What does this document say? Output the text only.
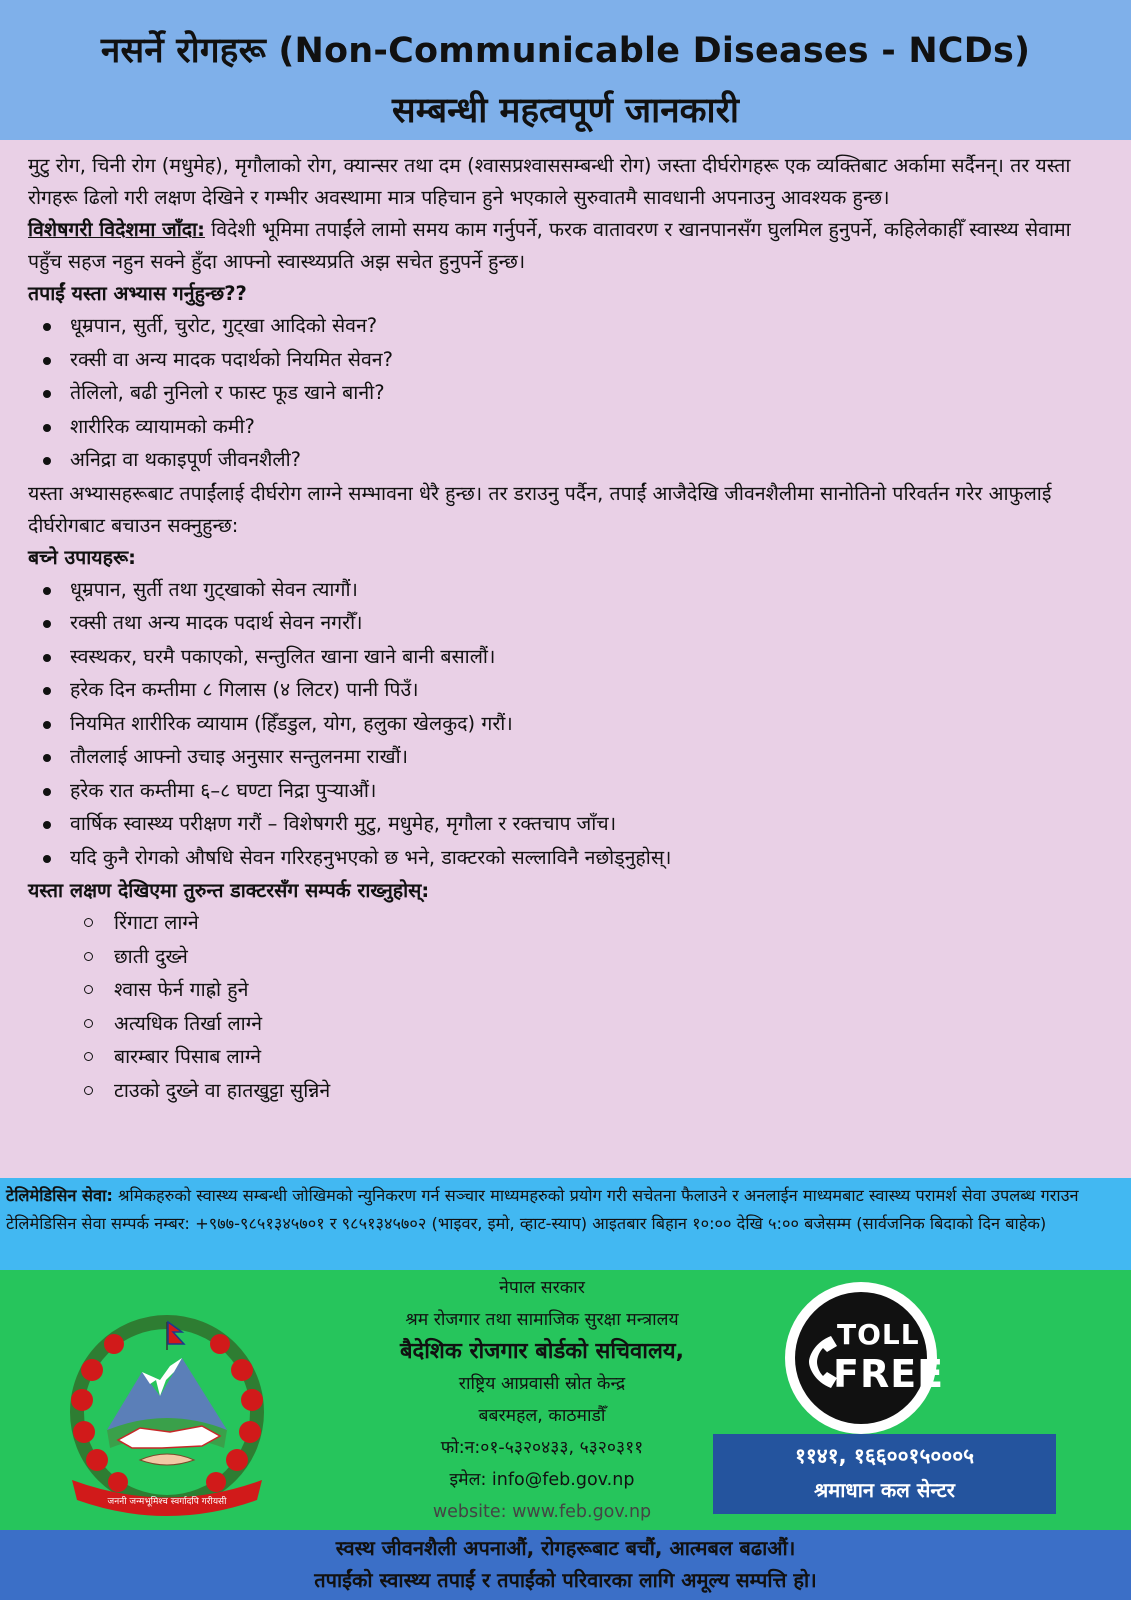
नसर्ने रोगहरू (Non-Communicable Diseases - NCDs)
सम्बन्धी महत्वपूर्ण जानकारी

मुटु रोग, चिनी रोग (मधुमेह), मृगौलाको रोग, क्यान्सर तथा दम (श्वासप्रश्वाससम्बन्धी रोग) जस्ता दीर्घरोगहरू एक व्यक्तिबाट अर्कामा सर्दैनन्। तर यस्ता रोगहरू ढिलो गरी लक्षण देखिने र गम्भीर अवस्थामा मात्र पहिचान हुने भएकाले सुरुवातमै सावधानी अपनाउनु आवश्यक हुन्छ।

विशेषगरी विदेशमा जाँदा: विदेशी भूमिमा तपाईंले लामो समय काम गर्नुपर्ने, फरक वातावरण र खानपानसँग घुलमिल हुनुपर्ने, कहिलेकाहीँ स्वास्थ्य सेवामा पहुँच सहज नहुन सक्ने हुँदा आफ्नो स्वास्थ्यप्रति अझ सचेत हुनुपर्ने हुन्छ।

तपाईं यस्ता अभ्यास गर्नुहुन्छ??

धूम्रपान, सुर्ती, चुरोट, गुट्खा आदिको सेवन?
रक्सी वा अन्य मादक पदार्थको नियमित सेवन?
तेलिलो, बढी नुनिलो र फास्ट फूड खाने बानी?
शारीरिक व्यायामको कमी?
अनिद्रा वा थकाइपूर्ण जीवनशैली?

यस्ता अभ्यासहरूबाट तपाईंलाई दीर्घरोग लाग्ने सम्भावना धेरै हुन्छ। तर डराउनु पर्दैन, तपाईं आजैदेखि जीवनशैलीमा सानोतिनो परिवर्तन गरेर आफुलाई दीर्घरोगबाट बचाउन सक्नुहुन्छ:

बच्ने उपायहरू:

धूम्रपान, सुर्ती तथा गुट्खाको सेवन त्यागौं।
रक्सी तथा अन्य मादक पदार्थ सेवन नगरौँ।
स्वस्थकर, घरमै पकाएको, सन्तुलित खाना खाने बानी बसालौं।
हरेक दिन कम्तीमा ८ गिलास (४ लिटर) पानी पिउँ।
नियमित शारीरिक व्यायाम (हिँडडुल, योग, हलुका खेलकुद) गरौं।
तौललाई आफ्नो उचाइ अनुसार सन्तुलनमा राखौं।
हरेक रात कम्तीमा ६–८ घण्टा निद्रा पुर्‍याऔं।
वार्षिक स्वास्थ्य परीक्षण गरौं – विशेषगरी मुटु, मधुमेह, मृगौला र रक्तचाप जाँच।
यदि कुनै रोगको औषधि सेवन गरिरहनुभएको छ भने, डाक्टरको सल्लाविनै नछोड्नुहोस्।

यस्ता लक्षण देखिएमा तुरुन्त डाक्टरसँग सम्पर्क राख्नुहोस्:

रिंगाटा लाग्ने
छाती दुख्ने
श्वास फेर्न गाह्रो हुने
अत्यधिक तिर्खा लाग्ने
बारम्बार पिसाब लाग्ने
टाउको दुख्ने वा हातखुट्टा सुन्निने
टेलिमेडिसिन सेवा: श्रमिकहरुको स्वास्थ्य सम्बन्धी जोखिमको न्युनिकरण गर्न सञ्चार माध्यमहरुको प्रयोग गरी सचेतना फैलाउने र अनलाईन माध्यमबाट स्वास्थ्य परामर्श सेवा उपलब्ध गराउन टेलिमेडिसिन सेवा सम्पर्क नम्बर: +९७७-९८५१३४५७०१ र ९८५१३४५७०२ (भाइवर, इमो, व्हाट-स्याप) आइतबार बिहान १०:०० देखि ५:०० बजेसम्म (सार्वजनिक बिदाको दिन बाहेक)
जननी जन्मभूमिश्च स्वर्गादपि गरीयसी
नेपाल सरकार
श्रम रोजगार तथा सामाजिक सुरक्षा मन्त्रालय
बैदेशिक रोजगार बोर्डको सचिवालय,
राष्ट्रिय आप्रवासी स्रोत केन्द्र
बबरमहल, काठमाडौँ
फो:न:०१-५३२०४३३, ५३२०३११
इमेल: info@feb.gov.np
website: www.feb.gov.np
TOLL
FREE
११४१, १६६००१५०००५
श्रमाधान कल सेन्टर
स्वस्थ जीवनशैली अपनाऔं, रोगहरूबाट बचौं, आत्मबल बढाऔं।
तपाईंको स्वास्थ्य तपाईं र तपाईंको परिवारका लागि अमूल्य सम्पत्ति हो।
